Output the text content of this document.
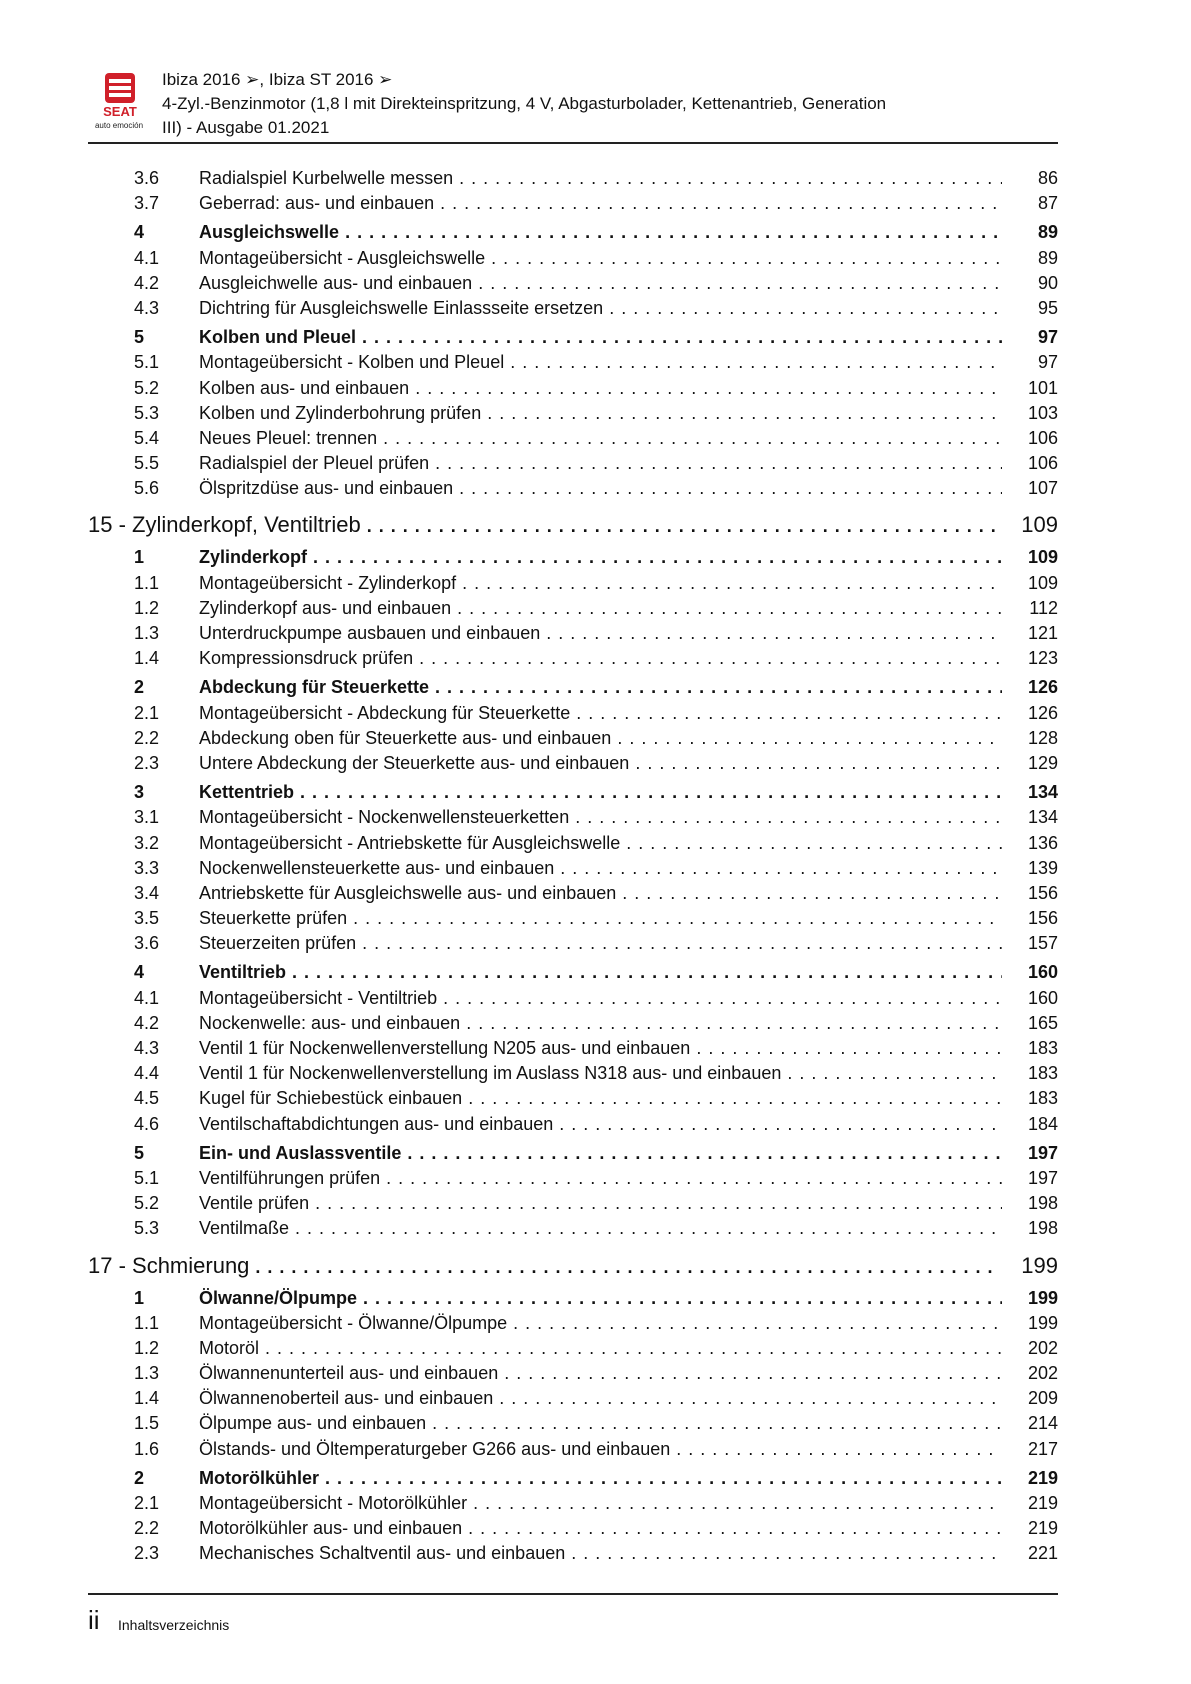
SEAT
auto emoción
Ibiza 2016 ➢, Ibiza ST 2016 ➢
4-Zyl.-Benzinmotor (1,8 l mit Direkteinspritzung, 4 V, Abgasturbolader, Kettenantrieb, Generation
III) - Ausgabe 01.2021
3.6 Radialspiel Kurbelwelle messen . . .	86
3.7 Geberrad: aus- und einbauen . . .	87
4	Ausgleichswelle . . .	89
4.1 Montageübersicht - Ausgleichswelle . . .	89
4.2 Ausgleichwelle aus- und einbauen . . .	90
4.3 Dichtring für Ausgleichswelle Einlassseite ersetzen . . .	95
5	Kolben und Pleuel . . .	97
5.1 Montageübersicht - Kolben und Pleuel . . .	97
5.2 Kolben aus- und einbauen . . .	101
5.3 Kolben und Zylinderbohrung prüfen . . .	103
5.4 Neues Pleuel: trennen . . .	106
5.5 Radialspiel der Pleuel prüfen . . .	106
5.6 Ölspritzdüse aus- und einbauen . . .	107
15 - Zylinderkopf, Ventiltrieb . . .	109
1	Zylinderkopf . . .	109
1.1 Montageübersicht - Zylinderkopf . . .	109
1.2 Zylinderkopf aus- und einbauen . . .	112
1.3 Unterdruckpumpe ausbauen und einbauen . . .	121
1.4 Kompressionsdruck prüfen . . .	123
2	Abdeckung für Steuerkette . . .	126
2.1 Montageübersicht - Abdeckung für Steuerkette . . .	126
2.2 Abdeckung oben für Steuerkette aus- und einbauen . . .	128
2.3 Untere Abdeckung der Steuerkette aus- und einbauen . . .	129
3	Kettentrieb . . .	134
3.1 Montageübersicht - Nockenwellensteuerketten . . .	134
3.2 Montageübersicht - Antriebskette für Ausgleichswelle . . .	136
3.3 Nockenwellensteuerkette aus- und einbauen . . .	139
3.4 Antriebskette für Ausgleichswelle aus- und einbauen . . .	156
3.5 Steuerkette prüfen . . .	156
3.6 Steuerzeiten prüfen . . .	157
4	Ventiltrieb . . .	160
4.1 Montageübersicht - Ventiltrieb . . .	160
4.2 Nockenwelle: aus- und einbauen . . .	165
4.3 Ventil 1 für Nockenwellenverstellung N205 aus- und einbauen . . .	183
4.4 Ventil 1 für Nockenwellenverstellung im Auslass N318 aus- und einbauen . . .	183
4.5 Kugel für Schiebestück einbauen . . .	183
4.6 Ventilschaftabdichtungen aus- und einbauen . . .	184
5	Ein- und Auslassventile . . .	197
5.1 Ventilführungen prüfen . . .	197
5.2 Ventile prüfen . . .	198
5.3 Ventilmaße . . .	198
17 - Schmierung . . .	199
1	Ölwanne/Ölpumpe . . .	199
1.1 Montageübersicht - Ölwanne/Ölpumpe . . .	199
1.2 Motoröl . . .	202
1.3 Ölwannenunterteil aus- und einbauen . . .	202
1.4 Ölwannenoberteil aus- und einbauen . . .	209
1.5 Ölpumpe aus- und einbauen . . .	214
1.6 Ölstands- und Öltemperaturgeber G266 aus- und einbauen . . .	217
2	Motorölkühler . . .	219
2.1 Montageübersicht - Motorölkühler . . .	219
2.2 Motorölkühler aus- und einbauen . . .	219
2.3 Mechanisches Schaltventil aus- und einbauen . . .	221
ii Inhaltsverzeichnis
